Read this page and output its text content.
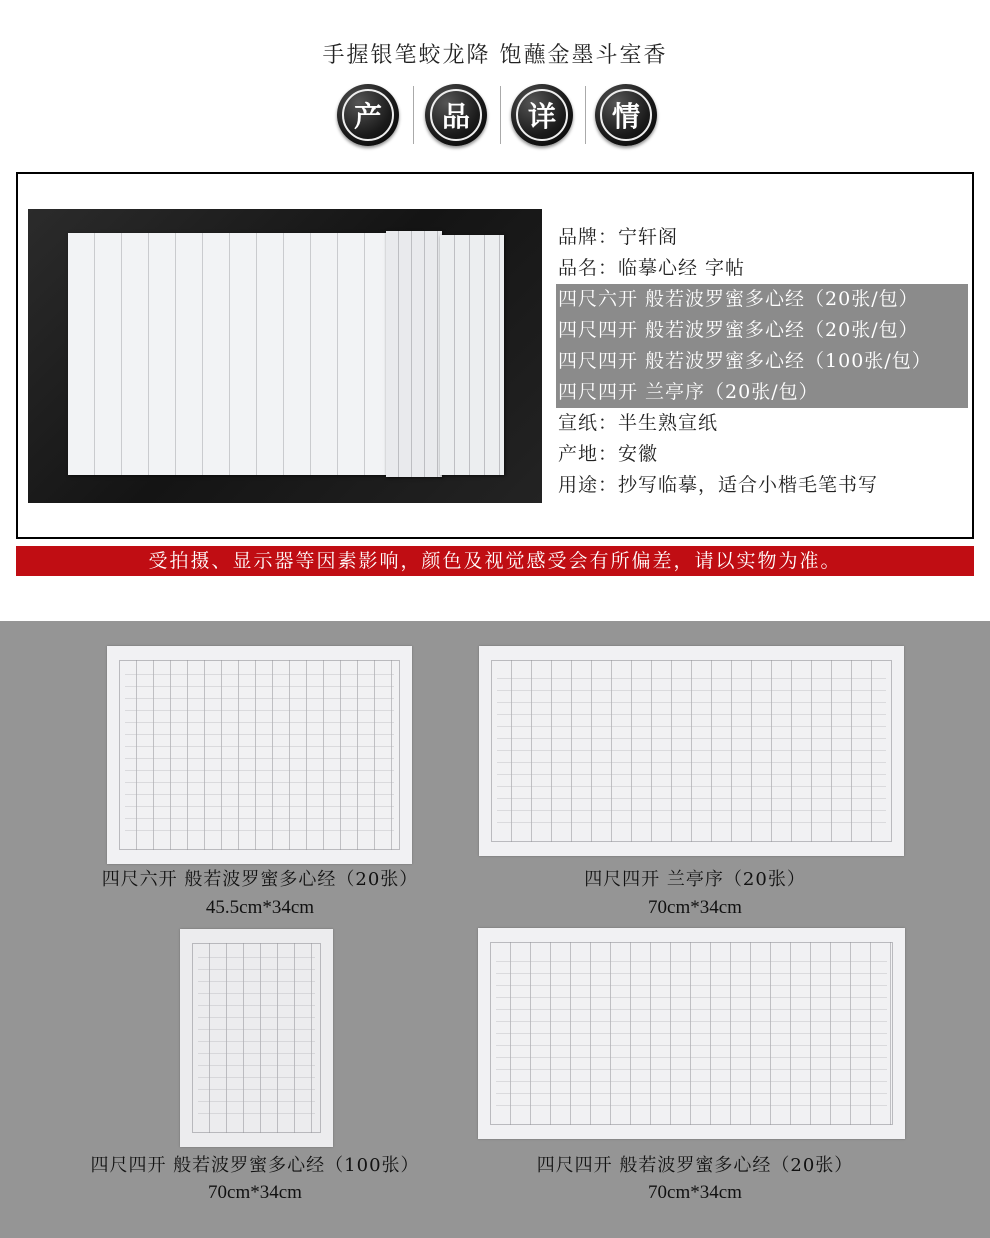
手握银笔蛟龙降 饱蘸金墨斗室香
产	品	详	情
品牌：宁轩阁
品名：临摹心经 字帖
四尺六开 般若波罗蜜多心经（20张/包）
四尺四开 般若波罗蜜多心经（20张/包）
四尺四开 般若波罗蜜多心经（100张/包）
四尺四开 兰亭序（20张/包）
宣纸：半生熟宣纸
产地：安徽
用途：抄写临摹，适合小楷毛笔书写
受拍摄、显示器等因素影响，颜色及视觉感受会有所偏差，请以实物为准。
四尺六开 般若波罗蜜多心经（20张）
45.5cm*34cm
四尺四开 兰亭序（20张）
70cm*34cm
四尺四开 般若波罗蜜多心经（100张）
70cm*34cm
四尺四开 般若波罗蜜多心经（20张）
70cm*34cm
